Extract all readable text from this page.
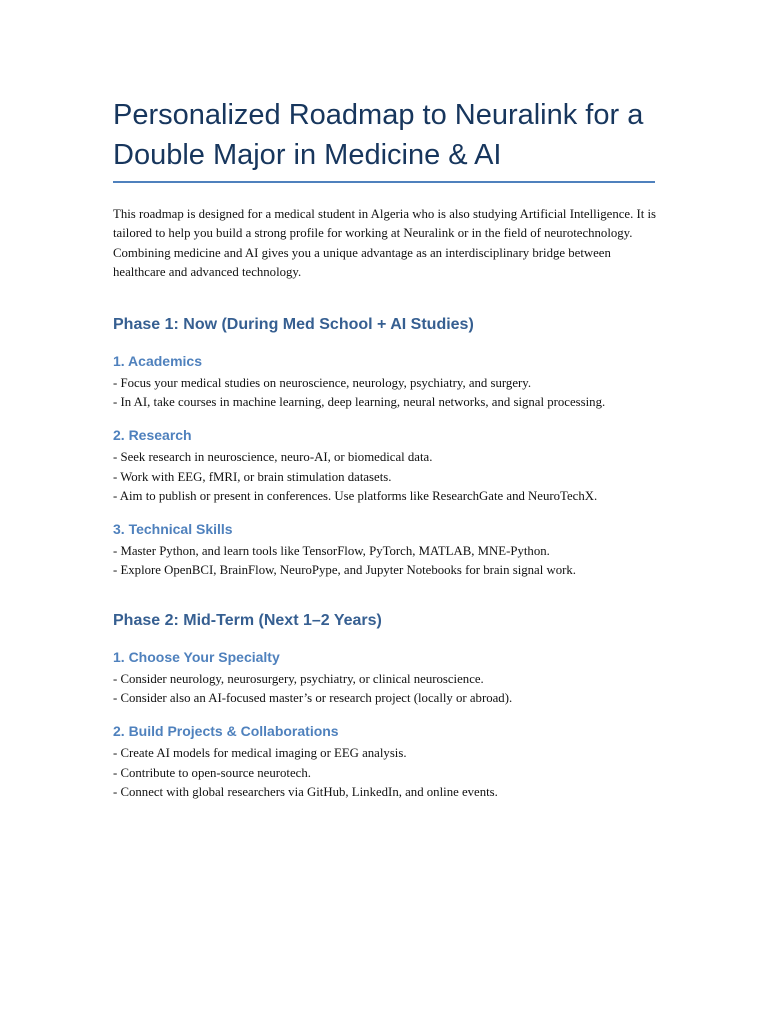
Personalized Roadmap to Neuralink for a Double Major in Medicine & AI

This roadmap is designed for a medical student in Algeria who is also studying Artificial Intelligence. It is tailored to help you build a strong profile for working at Neuralink or in the field of neurotechnology. Combining medicine and AI gives you a unique advantage as an interdisciplinary bridge between healthcare and advanced technology.

Phase 1: Now (During Med School + AI Studies)
1. Academics

- Focus your medical studies on neuroscience, neurology, psychiatry, and surgery.
- In AI, take courses in machine learning, deep learning, neural networks, and signal processing.

2. Research

- Seek research in neuroscience, neuro-AI, or biomedical data.
- Work with EEG, fMRI, or brain stimulation datasets.
- Aim to publish or present in conferences. Use platforms like ResearchGate and NeuroTechX.

3. Technical Skills

- Master Python, and learn tools like TensorFlow, PyTorch, MATLAB, MNE-Python.
- Explore OpenBCI, BrainFlow, NeuroPype, and Jupyter Notebooks for brain signal work.

Phase 2: Mid-Term (Next 1–2 Years)
1. Choose Your Specialty

- Consider neurology, neurosurgery, psychiatry, or clinical neuroscience.
- Consider also an AI-focused master’s or research project (locally or abroad).

2. Build Projects & Collaborations

- Create AI models for medical imaging or EEG analysis.
- Contribute to open-source neurotech.
- Connect with global researchers via GitHub, LinkedIn, and online events.
